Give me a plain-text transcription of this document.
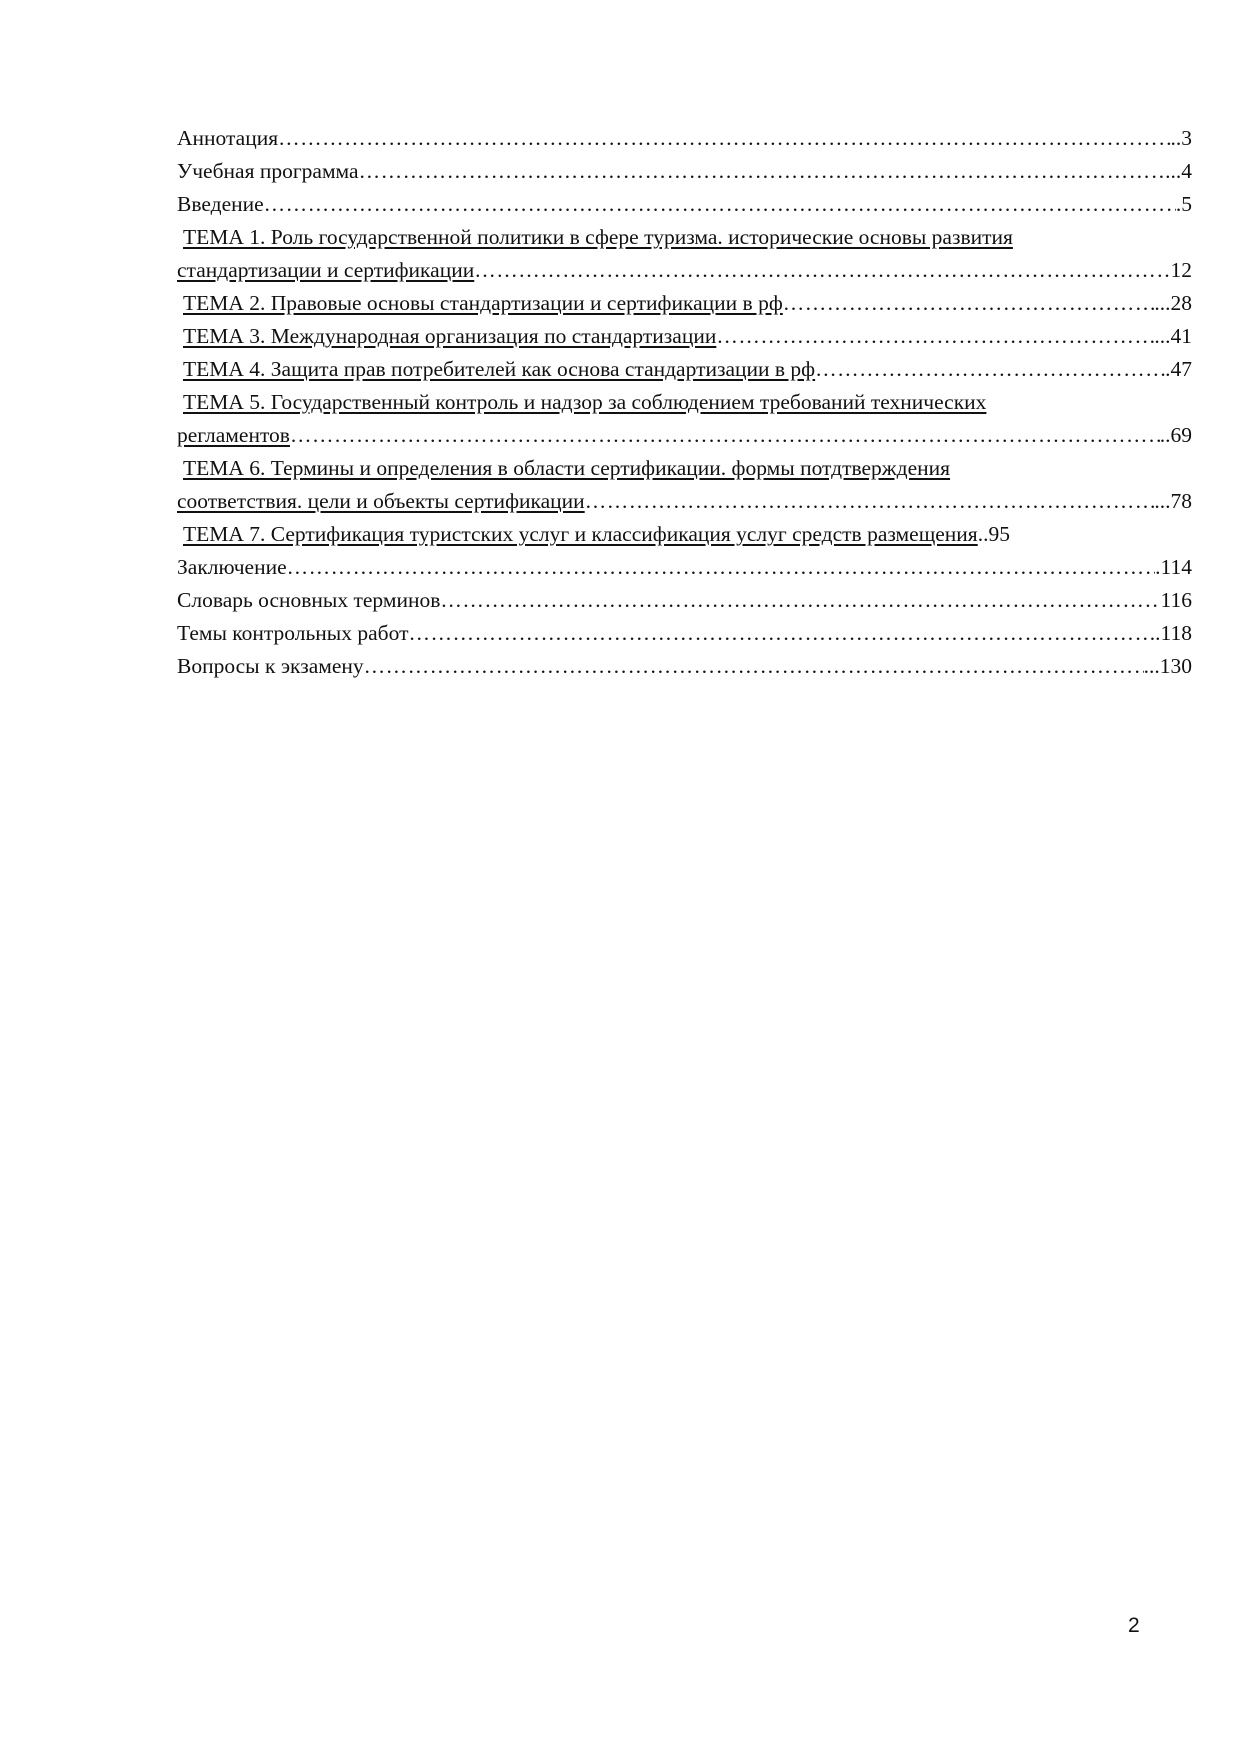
Аннотация ……………………………………………………………………………………………………………………………………………………………………………………………………	..3
Учебная программа ……………………………………………………………………………………………………………………………………………………………………………………………………	...4
Введение ……………………………………………………………………………………………………………………………………………………………………………………………………	.5
ТЕМА 1. Роль государственной политики в сфере туризма. исторические основы развития
стандартизации и сертификации ……………………………………………………………………………………………………………………………………………………………………………………………………	12
ТЕМА 2. Правовые основы стандартизации и сертификации в рф ……………………………………………………………………………………………………………………………………………………………………………………………………	...28
ТЕМА 3. Международная организация по стандартизации ……………………………………………………………………………………………………………………………………………………………………………………………………	...41
ТЕМА 4. Защита прав потребителей как основа стандартизации в рф ……………………………………………………………………………………………………………………………………………………………………………………………………	.47
ТЕМА 5. Государственный контроль и надзор за соблюдением требований технических
регламентов ……………………………………………………………………………………………………………………………………………………………………………………………………	..69
ТЕМА 6. Термины и определения в области сертификации. формы потдтверждения
соответствия. цели и объекты сертификации ……………………………………………………………………………………………………………………………………………………………………………………………………	...78
ТЕМА 7. Сертификация туристских услуг и классификация услуг средств размещения ..95
Заключение ……………………………………………………………………………………………………………………………………………………………………………………………………	.114
Словарь основных терминов ……………………………………………………………………………………………………………………………………………………………………………………………………	116
Темы контрольных работ ……………………………………………………………………………………………………………………………………………………………………………………………………	..118
Вопросы к экзамену ……………………………………………………………………………………………………………………………………………………………………………………………………	...130
2
